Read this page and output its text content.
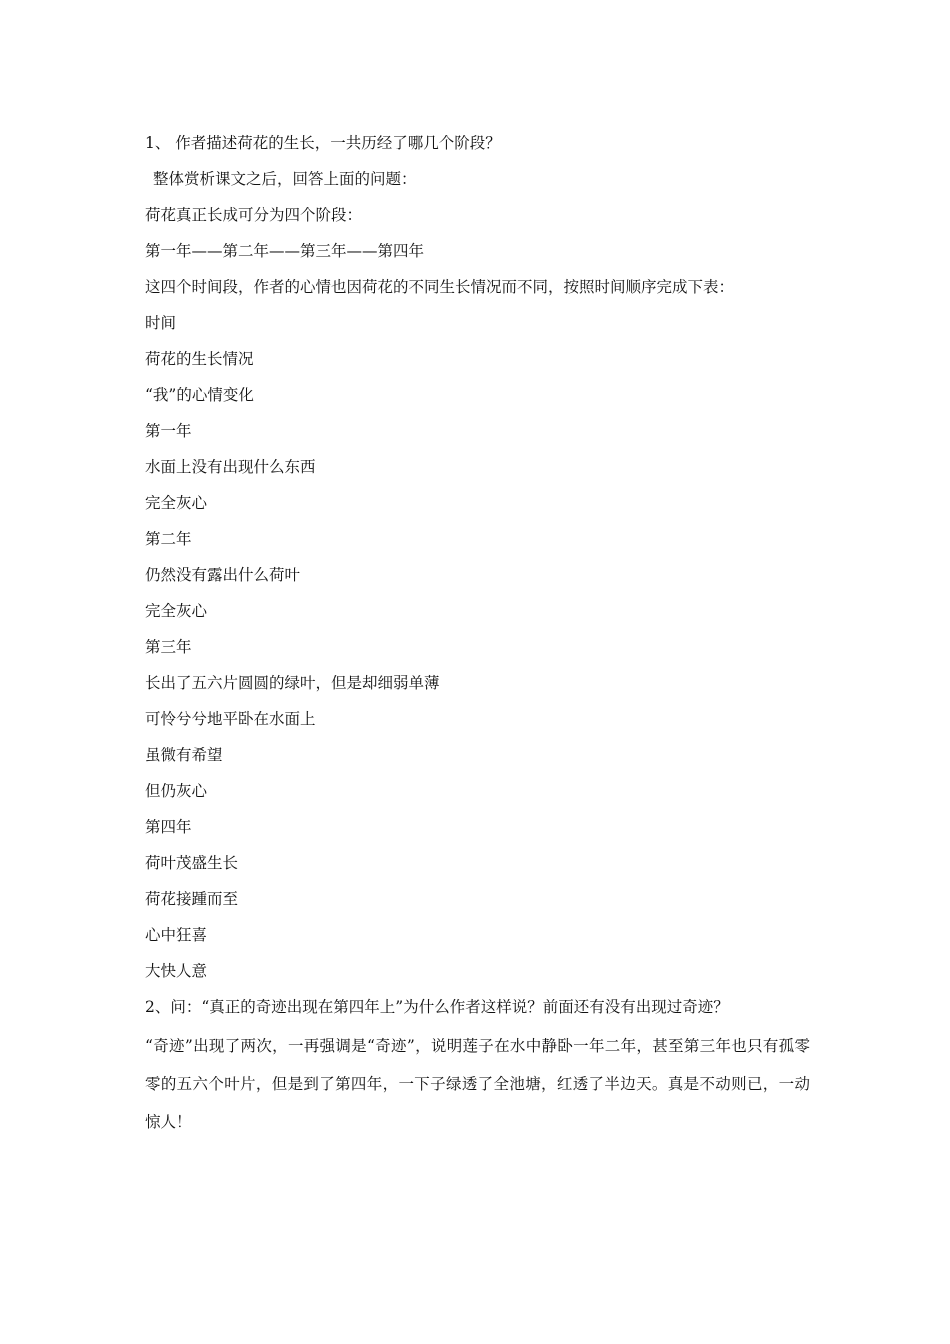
1、 作者描述荷花的生长，一共历经了哪几个阶段？

整体赏析课文之后，回答上面的问题：

荷花真正长成可分为四个阶段：

第一年——第二年——第三年——第四年

这四个时间段，作者的心情也因荷花的不同生长情况而不同，按照时间顺序完成下表：

时间

荷花的生长情况

“我”的心情变化

第一年

水面上没有出现什么东西

完全灰心

第二年

仍然没有露出什么荷叶

完全灰心

第三年

长出了五六片圆圆的绿叶，但是却细弱单薄

可怜兮兮地平卧在水面上

虽微有希望

但仍灰心

第四年

荷叶茂盛生长

荷花接踵而至

心中狂喜

大快人意

2、问：“真正的奇迹出现在第四年上”为什么作者这样说？前面还有没有出现过奇迹？

“奇迹”出现了两次，一再强调是“奇迹”，说明莲子在水中静卧一年二年，甚至第三年也只有孤零零的五六个叶片，但是到了第四年，一下子绿透了全池塘，红透了半边天。真是不动则已，一动惊人！
